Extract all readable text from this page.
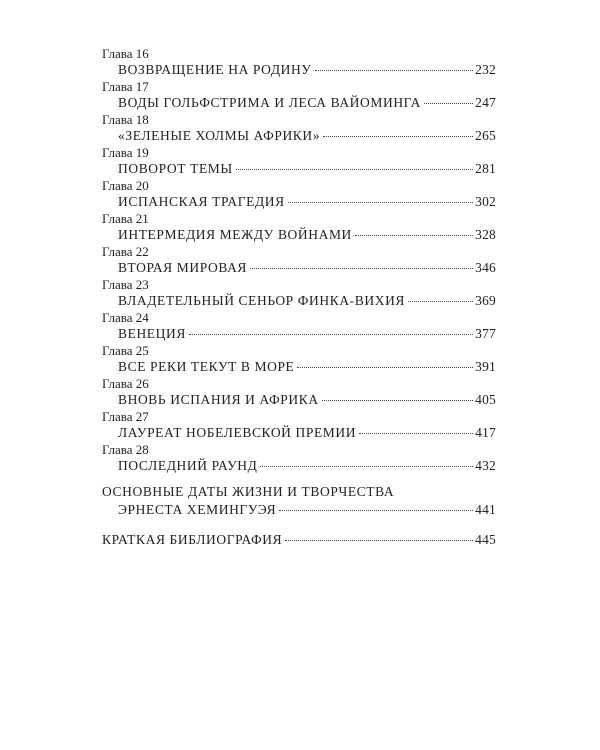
Глава 16
ВОЗВРАЩЕНИЕ НА РОДИНУ	232
Глава 17
ВОДЫ ГОЛЬФСТРИМА И ЛЕСА ВАЙОМИНГА	247
Глава 18
«ЗЕЛЕНЫЕ ХОЛМЫ АФРИКИ»	265
Глава 19
ПОВОРОТ ТЕМЫ	281
Глава 20
ИСПАНСКАЯ ТРАГЕДИЯ	302
Глава 21
ИНТЕРМЕДИЯ МЕЖДУ ВОЙНАМИ	328
Глава 22
ВТОРАЯ МИРОВАЯ	346
Глава 23
ВЛАДЕТЕЛЬНЫЙ СЕНЬОР ФИНКА-ВИХИЯ	369
Глава 24
ВЕНЕЦИЯ	377
Глава 25
ВСЕ РЕКИ ТЕКУТ В МОРЕ	391
Глава 26
ВНОВЬ ИСПАНИЯ И АФРИКА	405
Глава 27
ЛАУРЕАТ НОБЕЛЕВСКОЙ ПРЕМИИ	417
Глава 28
ПОСЛЕДНИЙ РАУНД	432
ОСНОВНЫЕ ДАТЫ ЖИЗНИ И ТВОРЧЕСТВА
ЭРНЕСТА ХЕМИНГУЭЯ	441
КРАТКАЯ БИБЛИОГРАФИЯ	445
